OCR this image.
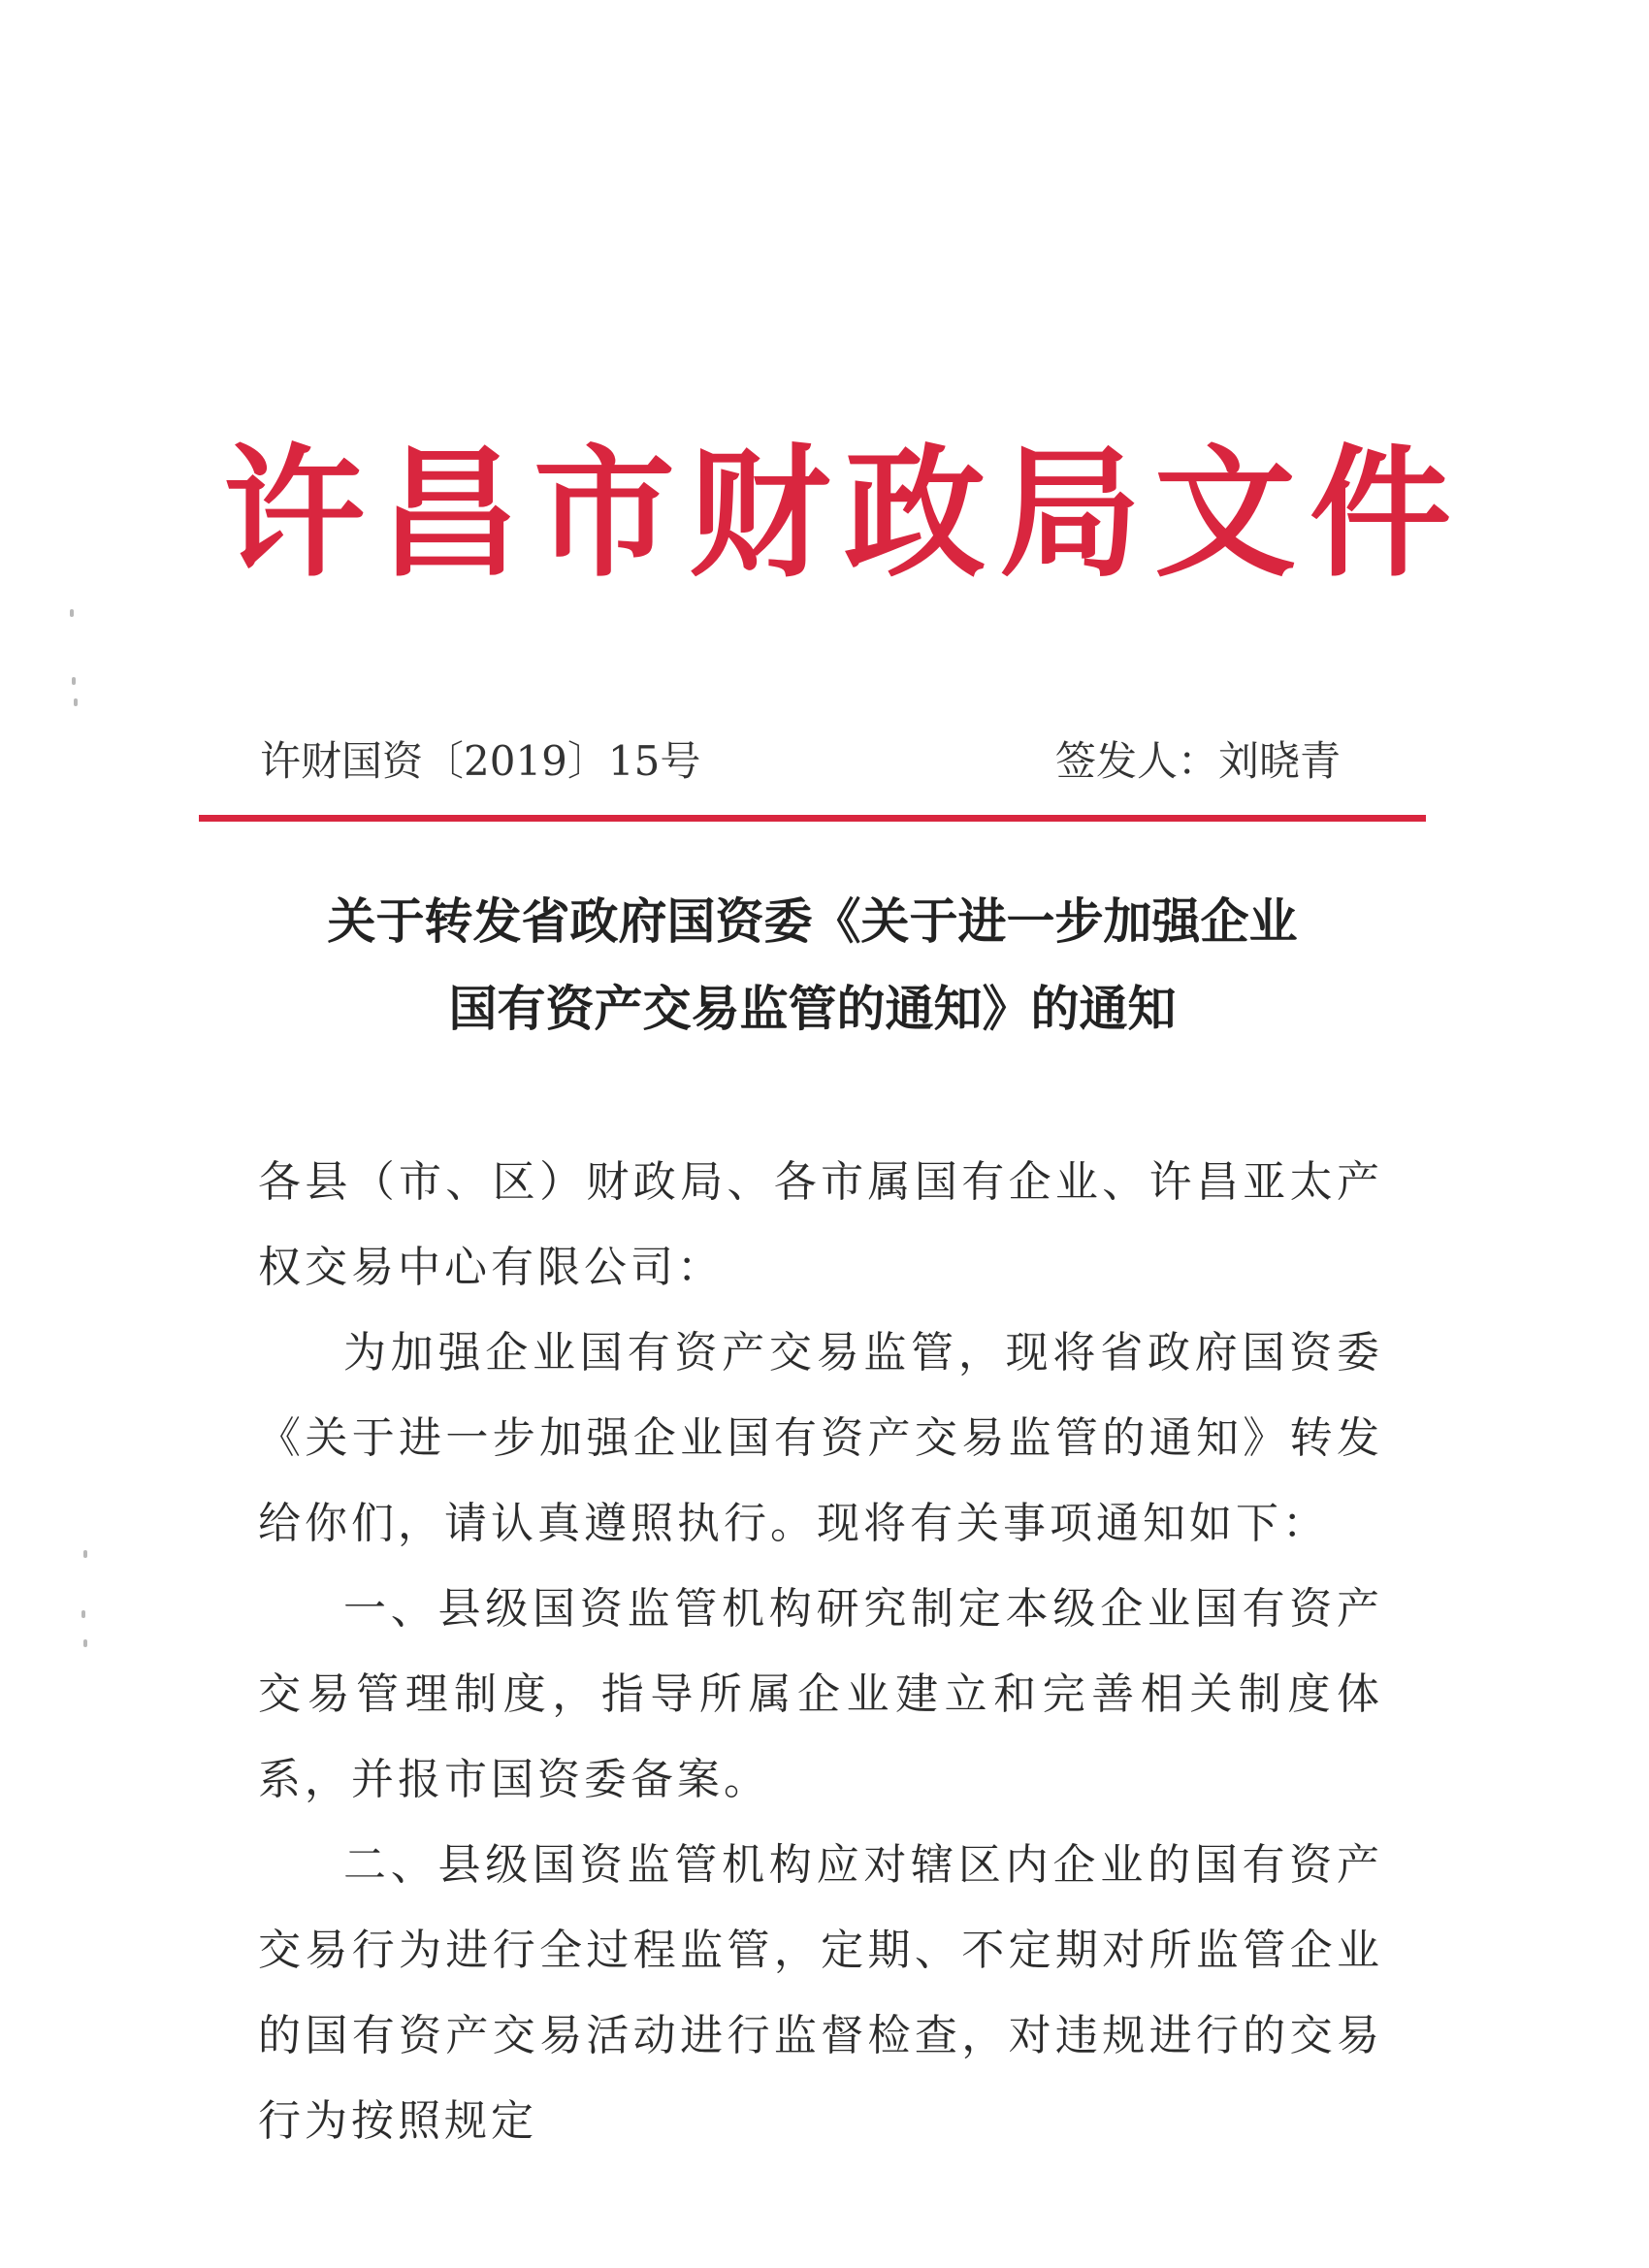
许昌市财政局文件
许财国资〔2019〕15号	签发人：刘晓青
关于转发省政府国资委《关于进一步加强企业
国有资产交易监管的通知》的通知

各县（市、区）财政局、各市属国有企业、许昌亚太产权交易中心有限公司：

为加强企业国有资产交易监管，现将省政府国资委《关于进一步加强企业国有资产交易监管的通知》转发给你们，请认真遵照执行。现将有关事项通知如下：

一、县级国资监管机构研究制定本级企业国有资产交易管理制度，指导所属企业建立和完善相关制度体系，并报市国资委备案。

二、县级国资监管机构应对辖区内企业的国有资产交易行为进行全过程监管，定期、不定期对所监管企业的国有资产交易活动进行监督检查，对违规进行的交易行为按照规定
